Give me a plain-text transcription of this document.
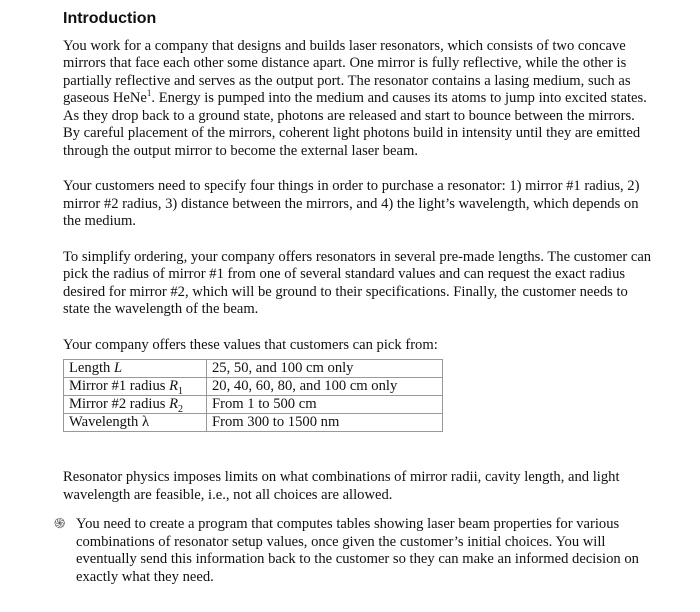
Introduction

You work for a company that designs and builds laser resonators, which consists of two concave mirrors that face each other some distance apart. One mirror is fully reflective, while the other is partially reflective and serves as the output port. The resonator contains a lasing medium, such as gaseous HeNe$^1$. Energy is pumped into the medium and causes its atoms to jump into excited states. As they drop back to a ground state, photons are released and start to bounce between the mirrors. By careful placement of the mirrors, coherent light photons build in intensity until they are emitted through the output mirror to become the external laser beam.

Your customers need to specify four things in order to purchase a resonator: 1) mirror #1 radius, 2) mirror #2 radius, 3) distance between the mirrors, and 4) the light’s wavelength, which depends on the medium.

To simplify ordering, your company offers resonators in several pre-made lengths. The customer can pick the radius of mirror #1 from one of several standard values and can request the exact radius desired for mirror #2, which will be ground to their specifications. Finally, the customer needs to state the wavelength of the beam.

Your company offers these values that customers can pick from:

Length L	25, 50, and 100 cm only
Mirror #1 radius $R_1$	20, 40, 60, 80, and 100 cm only
Mirror #2 radius $R_2$	From 1 to 500 cm
Wavelength λ	From 300 to 1500 nm

Resonator physics imposes limits on what combinations of mirror radii, cavity length, and light wavelength are feasible, i.e., not all choices are allowed.

֍ You need to create a program that computes tables showing laser beam properties for various combinations of resonator setup values, once given the customer’s initial choices. You will eventually send this information back to the customer so they can make an informed decision on exactly what they need.
